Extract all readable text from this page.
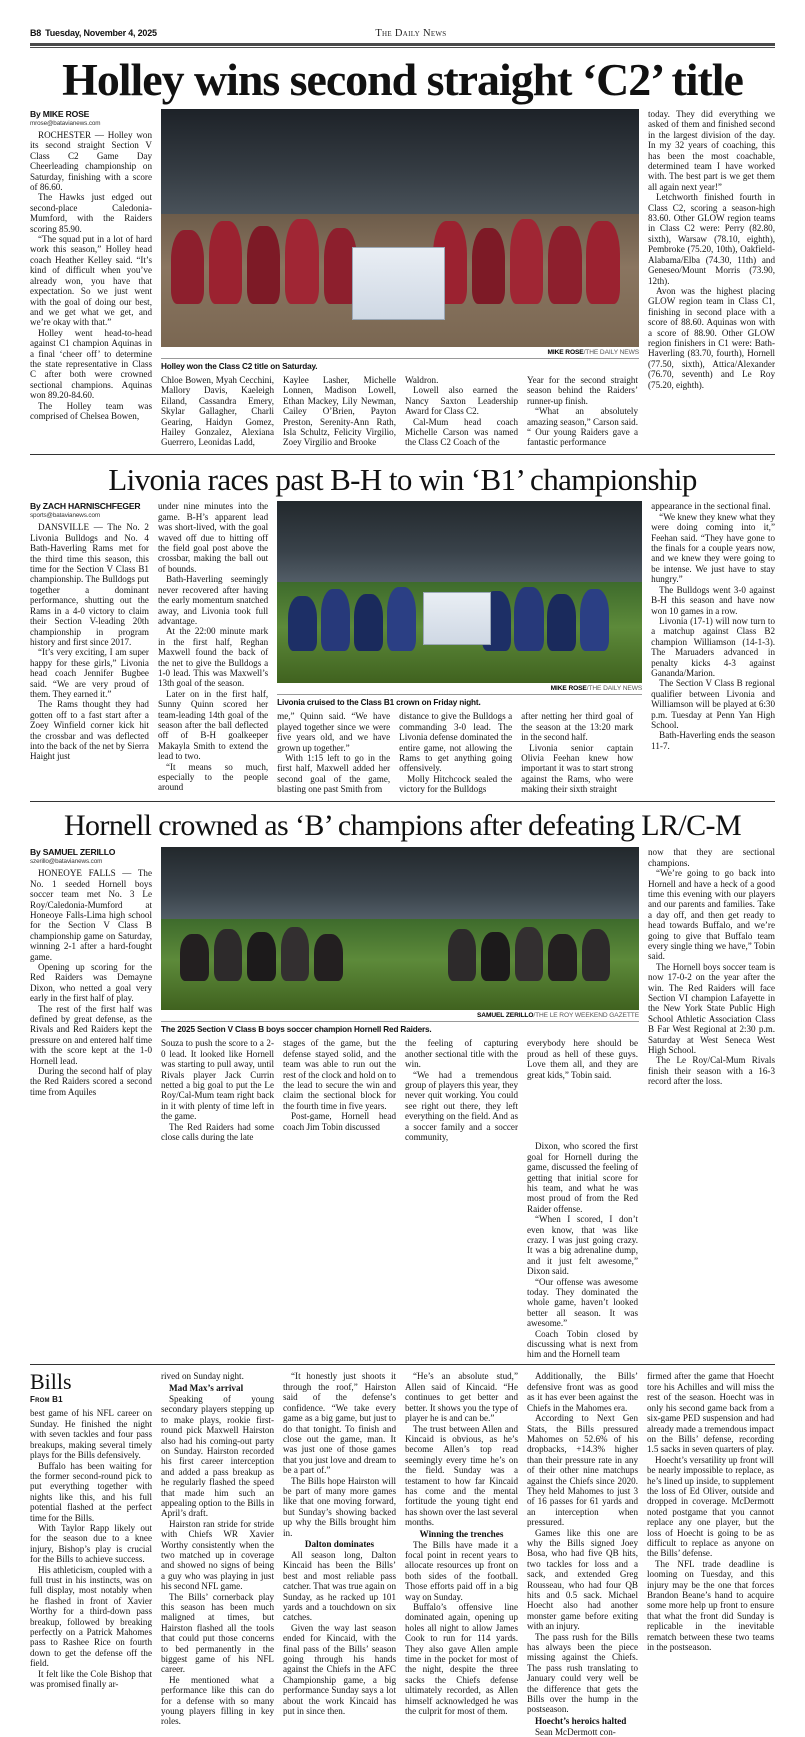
B8 Tuesday, November 4, 2025	The Daily News
Holley wins second straight ‘C2’ title
By MIKE ROSE
mrose@batavianews.com

ROCHESTER — Holley won its second straight Section V Class C2 Game Day Cheerleading championship on Saturday, finishing with a score of 86.60.

The Hawks just edged out second-place Caledonia-Mumford, with the Raiders scoring 85.90.

“The squad put in a lot of hard work this season,” Holley head coach Heather Kelley said. “It’s kind of difficult when you’ve already won, you have that expectation. So we just went with the goal of doing our best, and we get what we get, and we’re okay with that.”

Holley went head-to-head against C1 champion Aquinas in a final ‘cheer off’ to determine the state representative in Class C after both were crowned sectional champions. Aquinas won 89.20-84.60.

The Holley team was comprised of Chelsea Bowen,

MIKE ROSE/THE DAILY NEWS
Holley won the Class C2 title on Saturday.

Chloe Bowen, Myah Cecchini, Mallory Davis, Kaeleigh Eiland, Cassandra Emery, Skylar Gallagher, Charli Gearing, Haidyn Gomez, Hailey Gonzalez, Alexiana Guerrero, Leonidas Ladd,

Kaylee Lasher, Michelle Lonnen, Madison Lowell, Ethan Mackey, Lily Newman, Cailey O’Brien, Payton Preston, Serenity-Ann Rath, Isla Schultz, Felicity Virgilio, Zoey Virgilio and Brooke

Waldron.

Lowell also earned the Nancy Saxton Leadership Award for Class C2.

Cal-Mum head coach Michelle Carson was named the Class C2 Coach of the

Year for the second straight season behind the Raiders’ runner-up finish.

“What an absolutely amazing season,” Carson said. “ Our young Raiders gave a fantastic performance

today. They did everything we asked of them and finished second in the largest division of the day. In my 32 years of coaching, this has been the most coachable, determined team I have worked with. The best part is we get them all again next year!”

Letchworth finished fourth in Class C2, scoring a season-high 83.60. Other GLOW region teams in Class C2 were: Perry (82.80, sixth), Warsaw (78.10, eighth), Pembroke (75.20, 10th), Oakfield-Alabama/Elba (74.30, 11th) and Geneseo/Mount Morris (73.90, 12th).

Avon was the highest placing GLOW region team in Class C1, finishing in second place with a score of 88.60. Aquinas won with a score of 88.90. Other GLOW region finishers in C1 were: Bath-Haverling (83.70, fourth), Hornell (77.50, sixth), Attica/Alexander (76.70, seventh) and Le Roy (75.20, eighth).

Livonia races past B-H to win ‘B1’ championship
By ZACH HARNISCHFEGER
sports@batavianews.com

DANSVILLE — The No. 2 Livonia Bulldogs and No. 4 Bath-Haverling Rams met for the third time this season, this time for the Section V Class B1 championship. The Bulldogs put together a dominant performance, shutting out the Rams in a 4-0 victory to claim their Section V-leading 20th championship in program history and first since 2017.

“It’s very exciting, I am super happy for these girls,” Livonia head coach Jennifer Bugbee said. “We are very proud of them. They earned it.”

The Rams thought they had gotten off to a fast start after a Zoey Winfield corner kick hit the crossbar and was deflected into the back of the net by Sierra Haight just

under nine minutes into the game. B-H’s apparent lead was short-lived, with the goal waved off due to hitting off the field goal post above the crossbar, making the ball out of bounds.

Bath-Haverling seemingly never recovered after having the early momentum snatched away, and Livonia took full advantage.

At the 22:00 minute mark in the first half, Reghan Maxwell found the back of the net to give the Bulldogs a 1-0 lead. This was Maxwell’s 13th goal of the season.

Later on in the first half, Sunny Quinn scored her team-leading 14th goal of the season after the ball deflected off of B-H goalkeeper Makayla Smith to extend the lead to two.

“It means so much, especially to the people around

MIKE ROSE/THE DAILY NEWS
Livonia cruised to the Class B1 crown on Friday night.

me,” Quinn said. “We have played together since we were five years old, and we have grown up together.”

With 1:15 left to go in the first half, Maxwell added her second goal of the game, blasting one past Smith from

distance to give the Bulldogs a commanding 3-0 lead. The Livonia defense dominated the entire game, not allowing the Rams to get anything going offensively.

Molly Hitchcock sealed the victory for the Bulldogs

after netting her third goal of the season at the 13:20 mark in the second half.

Livonia senior captain Olivia Feehan knew how important it was to start strong against the Rams, who were making their sixth straight

appearance in the sectional final.

“We knew they knew what they were doing coming into it,” Feehan said. “They have gone to the finals for a couple years now, and we knew they were going to be intense. We just have to stay hungry.”

The Bulldogs went 3-0 against B-H this season and have now won 10 games in a row.

Livonia (17-1) will now turn to a matchup against Class B2 champion Williamson (14-1-3). The Maruaders advanced in penalty kicks 4-3 against Gananda/Marion.

The Section V Class B regional qualifier between Livonia and Williamson will be played at 6:30 p.m. Tuesday at Penn Yan High School.

Bath-Haverling ends the season 11-7.

Hornell crowned as ‘B’ champions after defeating LR/C-M
By SAMUEL ZERILLO
szerillo@batavianews.com

HONEOYE FALLS — The No. 1 seeded Hornell boys soccer team met No. 3 Le Roy/Caledonia-Mumford at Honeoye Falls-Lima high school for the Section V Class B championship game on Saturday, winning 2-1 after a hard-fought game.

Opening up scoring for the Red Raiders was Demayne Dixon, who netted a goal very early in the first half of play.

The rest of the first half was defined by great defense, as the Rivals and Red Raiders kept the pressure on and entered half time with the score kept at the 1-0 Hornell lead.

During the second half of play the Red Raiders scored a second time from Aquiles

SAMUEL ZERILLO/THE LE ROY WEEKEND GAZETTE
The 2025 Section V Class B boys soccer champion Hornell Red Raiders.

Souza to push the score to a 2-0 lead. It looked like Hornell was starting to pull away, until Rivals player Jack Currin netted a big goal to put the Le Roy/Cal-Mum team right back in it with plenty of time left in the game.

The Red Raiders had some close calls during the late

stages of the game, but the defense stayed solid, and the team was able to run out the rest of the clock and hold on to the lead to secure the win and claim the sectional block for the fourth time in five years.

Post-game, Hornell head coach Jim Tobin discussed

the feeling of capturing another sectional title with the win.

“We had a tremendous group of players this year, they never quit working. You could see right out there, they left everything on the field. And as a soccer family and a soccer community,

everybody here should be proud as hell of these guys. Love them all, and they are great kids,” Tobin said.

now that they are sectional champions.

“We’re going to go back into Hornell and have a heck of a good time this evening with our players and our parents and families. Take a day off, and then get ready to head towards Buffalo, and we’re going to give that Buffalo team every single thing we have,” Tobin said.

The Hornell boys soccer team is now 17-0-2 on the year after the win. The Red Raiders will face Section VI champion Lafayette in the New York State Public High School Athletic Association Class B Far West Regional at 2:30 p.m. Saturday at West Seneca West High School.

The Le Roy/Cal-Mum Rivals finish their season with a 16-3 record after the loss.

Dixon, who scored the first goal for Hornell during the game, discussed the feeling of getting that initial score for his team, and what he was most proud of from the Red Raider offense.

“When I scored, I don’t even know, that was like crazy. I was just going crazy. It was a big adrenaline dump, and it just felt awesome,” Dixon said.

“Our offense was awesome today. They dominated the whole game, haven’t looked better all season. It was awesome.”

Coach Tobin closed by discussing what is next from him and the Hornell team

Bills
From B1

best game of his NFL career on Sunday. He finished the night with seven tackles and four pass breakups, making several timely plays for the Bills defensively.

Buffalo has been waiting for the former second-round pick to put everything together with nights like this, and his full potential flashed at the perfect time for the Bills.

With Taylor Rapp likely out for the season due to a knee injury, Bishop’s play is crucial for the Bills to achieve success.

His athleticism, coupled with a full trust in his instincts, was on full display, most notably when he flashed in front of Xavier Worthy for a third-down pass breakup, followed by breaking perfectly on a Patrick Mahomes pass to Rashee Rice on fourth down to get the defense off the field.

It felt like the Cole Bishop that was promised finally ar-

rived on Sunday night.

Mad Max’s arrival

Speaking of young secondary players stepping up to make plays, rookie first-round pick Maxwell Hairston also had his coming-out party on Sunday. Hairston recorded his first career interception and added a pass breakup as he regularly flashed the speed that made him such an appealing option to the Bills in April’s draft.

Hairston ran stride for stride with Chiefs WR Xavier Worthy consistently when the two matched up in coverage and showed no signs of being a guy who was playing in just his second NFL game.

The Bills’ cornerback play this season has been much maligned at times, but Hairston flashed all the tools that could put those concerns to bed permanently in the biggest game of his NFL career.

He mentioned what a performance like this can do for a defense with so many young players filling in key roles.

“It honestly just shoots it through the roof,” Hairston said of the defense’s confidence. “We take every game as a big game, but just to do that tonight. To finish and close out the game, man. It was just one of those games that you just love and dream to be a part of.”

The Bills hope Hairston will be part of many more games like that one moving forward, but Sunday’s showing backed up why the Bills brought him in.

Dalton dominates

All season long, Dalton Kincaid has been the Bills’ best and most reliable pass catcher. That was true again on Sunday, as he racked up 101 yards and a touchdown on six catches.

Given the way last season ended for Kincaid, with the final pass of the Bills’ season going through his hands against the Chiefs in the AFC Championship game, a big performance Sunday says a lot about the work Kincaid has put in since then.

“He’s an absolute stud,” Allen said of Kincaid. “He continues to get better and better. It shows you the type of player he is and can be.”

The trust between Allen and Kincaid is obvious, as he’s become Allen’s top read seemingly every time he’s on the field. Sunday was a testament to how far Kincaid has come and the mental fortitude the young tight end has shown over the last several months.

Winning the trenches

The Bills have made it a focal point in recent years to allocate resources up front on both sides of the football. Those efforts paid off in a big way on Sunday.

Buffalo’s offensive line dominated again, opening up holes all night to allow James Cook to run for 114 yards. They also gave Allen ample time in the pocket for most of the night, despite the three sacks the Chiefs defense ultimately recorded, as Allen himself acknowledged he was the culprit for most of them.

Additionally, the Bills’ defensive front was as good as it has ever been against the Chiefs in the Mahomes era.

According to Next Gen Stats, the Bills pressured Mahomes on 52.6% of his dropbacks, +14.3% higher than their pressure rate in any of their other nine matchups against the Chiefs since 2020. They held Mahomes to just 3 of 16 passes for 61 yards and an interception when pressured.

Games like this one are why the Bills signed Joey Bosa, who had five QB hits, two tackles for loss and a sack, and extended Greg Rousseau, who had four QB hits and 0.5 sack. Michael Hoecht also had another monster game before exiting with an injury.

The pass rush for the Bills has always been the piece missing against the Chiefs. The pass rush translating to January could very well be the difference that gets the Bills over the hump in the postseason.

Hoecht’s heroics halted

Sean McDermott con-

firmed after the game that Hoecht tore his Achilles and will miss the rest of the season. Hoecht was in only his second game back from a six-game PED suspension and had already made a tremendous impact on the Bills’ defense, recording 1.5 sacks in seven quarters of play.

Hoecht’s versatility up front will be nearly impossible to replace, as he’s lined up inside, to supplement the loss of Ed Oliver, outside and dropped in coverage. McDermott noted postgame that you cannot replace any one player, but the loss of Hoecht is going to be as difficult to replace as anyone on the Bills’ defense.

The NFL trade deadline is looming on Tuesday, and this injury may be the one that forces Brandon Beane’s hand to acquire some more help up front to ensure that what the front did Sunday is replicable in the inevitable rematch between these two teams in the postseason.
